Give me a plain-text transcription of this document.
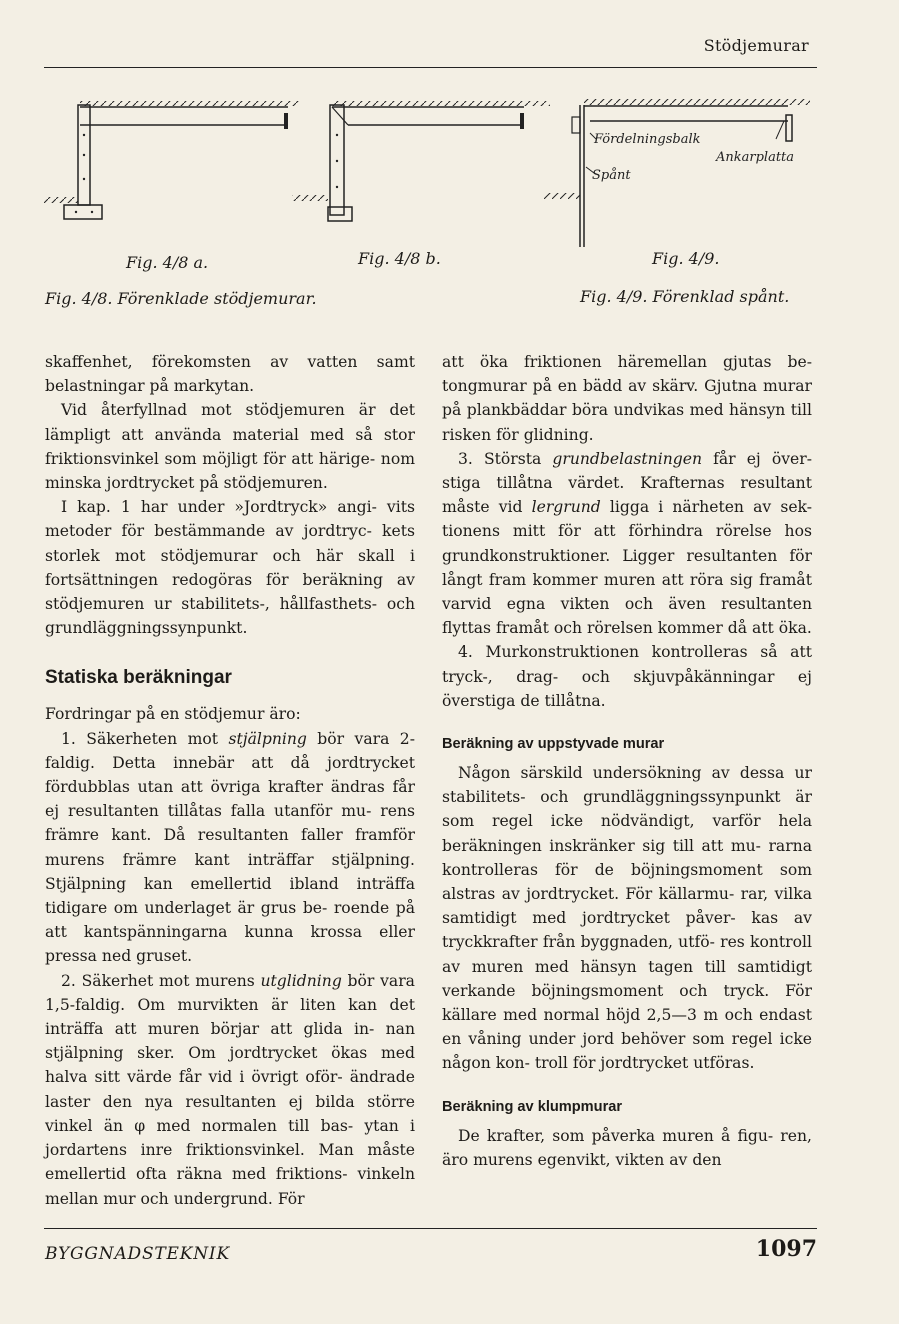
Stödjemurar
Fördelningsbalk
Spånt
Ankarplatta
Fig. 4/8 a.	Fig. 4/8 b.	Fig. 4/9.
Fig. 4/8. Förenklade stödjemurar.	Fig. 4/9. Förenklad spånt.

skaffenhet, förekomsten av vatten samt belastningar på markytan.

Vid återfyllnad mot stödjemuren är det lämpligt att använda material med så stor friktionsvinkel som möjligt för att härige- nom minska jordtrycket på stödjemuren.

I kap. 1 har under »Jordtryck» angi- vits metoder för bestämmande av jordtryc- kets storlek mot stödjemurar och här skall i fortsättningen redogöras för beräkning av stödjemuren ur stabilitets-, hållfasthets- och grundläggningssynpunkt.

Statiska beräkningar

Fordringar på en stödjemur äro:

1. Säkerheten mot stjälpning bör vara 2-faldig. Detta innebär att då jordtrycket fördubblas utan att övriga krafter ändras får ej resultanten tillåtas falla utanför mu- rens främre kant. Då resultanten faller framför murens främre kant inträffar stjälpning. Stjälpning kan emellertid ibland inträffa tidigare om underlaget är grus be- roende på att kantspänningarna kunna krossa eller pressa ned gruset.

2. Säkerhet mot murens utglidning bör vara 1,5-faldig. Om murvikten är liten kan det inträffa att muren börjar att glida in- nan stjälpning sker. Om jordtrycket ökas med halva sitt värde får vid i övrigt oför- ändrade laster den nya resultanten ej bilda större vinkel än φ med normalen till bas- ytan i jordartens inre friktionsvinkel. Man måste emellertid ofta räkna med friktions- vinkeln mellan mur och undergrund. För

att öka friktionen häremellan gjutas be- tongmurar på en bädd av skärv. Gjutna murar på plankbäddar böra undvikas med hänsyn till risken för glidning.

3. Största grundbelastningen får ej över- stiga tillåtna värdet. Krafternas resultant måste vid lergrund ligga i närheten av sek- tionens mitt för att förhindra rörelse hos grundkonstruktioner. Ligger resultanten för långt fram kommer muren att röra sig framåt varvid egna vikten och även resultanten flyttas framåt och rörelsen kommer då att öka.

4. Murkonstruktionen kontrolleras så att tryck-, drag- och skjuvpåkänningar ej överstiga de tillåtna.

Beräkning av uppstyvade murar

Någon särskild undersökning av dessa ur stabilitets- och grundläggningssynpunkt är som regel icke nödvändigt, varför hela beräkningen inskränker sig till att mu- rarna kontrolleras för de böjningsmoment som alstras av jordtrycket. För källarmu- rar, vilka samtidigt med jordtrycket påver- kas av tryckkrafter från byggnaden, utfö- res kontroll av muren med hänsyn tagen till samtidigt verkande böjningsmoment och tryck. För källare med normal höjd 2,5—3 m och endast en våning under jord behöver som regel icke någon kon- troll för jordtrycket utföras.

Beräkning av klumpmurar

De krafter, som påverka muren å figu- ren, äro murens egenvikt, vikten av den

BYGGNADSTEKNIK	1097
